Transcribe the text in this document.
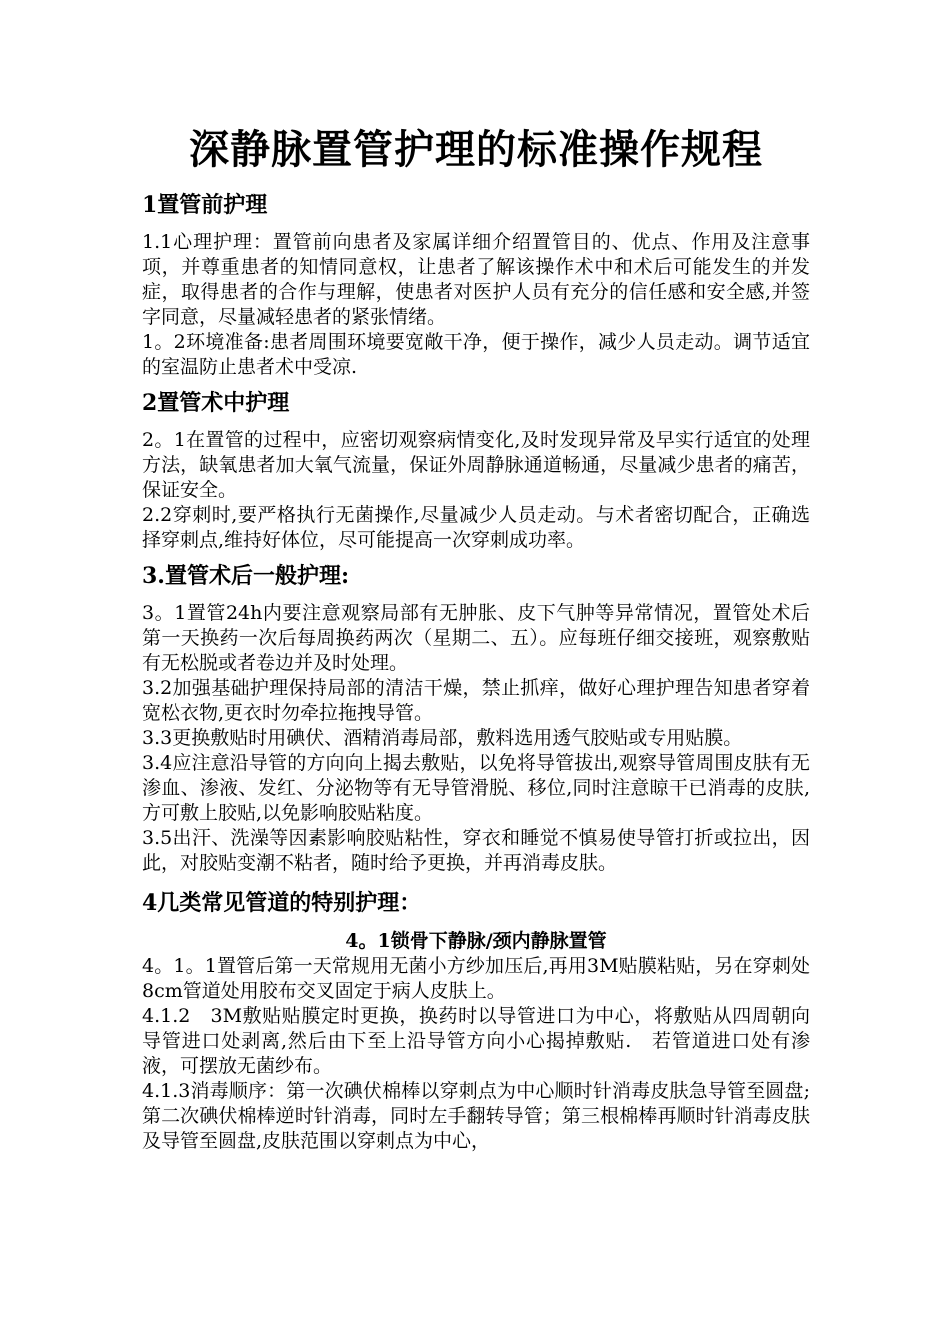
深静脉置管护理的标准操作规程
1置管前护理

1.1心理护理：置管前向患者及家属详细介绍置管目的、优点、作用及注意事项，并尊重患者的知情同意权，让患者了解该操作术中和术后可能发生的并发症，取得患者的合作与理解，使患者对医护人员有充分的信任感和安全感,并签字同意，尽量减轻患者的紧张情绪。

1。2环境准备:患者周围环境要宽敞干净，便于操作，减少人员走动。调节适宜的室温防止患者术中受凉.

2置管术中护理

2。1在置管的过程中，应密切观察病情变化,及时发现异常及早实行适宜的处理方法，缺氧患者加大氧气流量，保证外周静脉通道畅通，尽量减少患者的痛苦，保证安全。

2.2穿刺时,要严格执行无菌操作,尽量减少人员走动。与术者密切配合，正确选择穿刺点,维持好体位，尽可能提高一次穿刺成功率。

3.置管术后一般护理:

3。1置管24h内要注意观察局部有无肿胀、皮下气肿等异常情况，置管处术后第一天换药一次后每周换药两次（星期二、五）。应每班仔细交接班，观察敷贴有无松脱或者卷边并及时处理。

3.2加强基础护理保持局部的清洁干燥，禁止抓痒，做好心理护理告知患者穿着宽松衣物,更衣时勿牵拉拖拽导管。

3.3更换敷贴时用碘伏、酒精消毒局部，敷料选用透气胶贴或专用贴膜。

3.4应注意沿导管的方向向上揭去敷贴，以免将导管拔出,观察导管周围皮肤有无渗血、渗液、发红、分泌物等有无导管滑脱、移位,同时注意晾干已消毒的皮肤,方可敷上胶贴,以免影响胶贴粘度。

3.5出汗、洗澡等因素影响胶贴粘性，穿衣和睡觉不慎易使导管打折或拉出，因此，对胶贴变潮不粘者，随时给予更换，并再消毒皮肤。

4几类常见管道的特别护理：
4。1锁骨下静脉/颈内静脉置管

4。1。1置管后第一天常规用无菌小方纱加压后,再用3M贴膜粘贴，另在穿刺处8cm管道处用胶布交叉固定于病人皮肤上。

4.1.2　3M敷贴贴膜定时更换，换药时以导管进口为中心，将敷贴从四周朝向导管进口处剥离,然后由下至上沿导管方向小心揭掉敷贴.　若管道进口处有渗液，可摆放无菌纱布。

4.1.3消毒顺序：第一次碘伏棉棒以穿刺点为中心顺时针消毒皮肤急导管至圆盘;第二次碘伏棉棒逆时针消毒，同时左手翻转导管；第三根棉棒再顺时针消毒皮肤及导管至圆盘,皮肤范围以穿刺点为中心，
